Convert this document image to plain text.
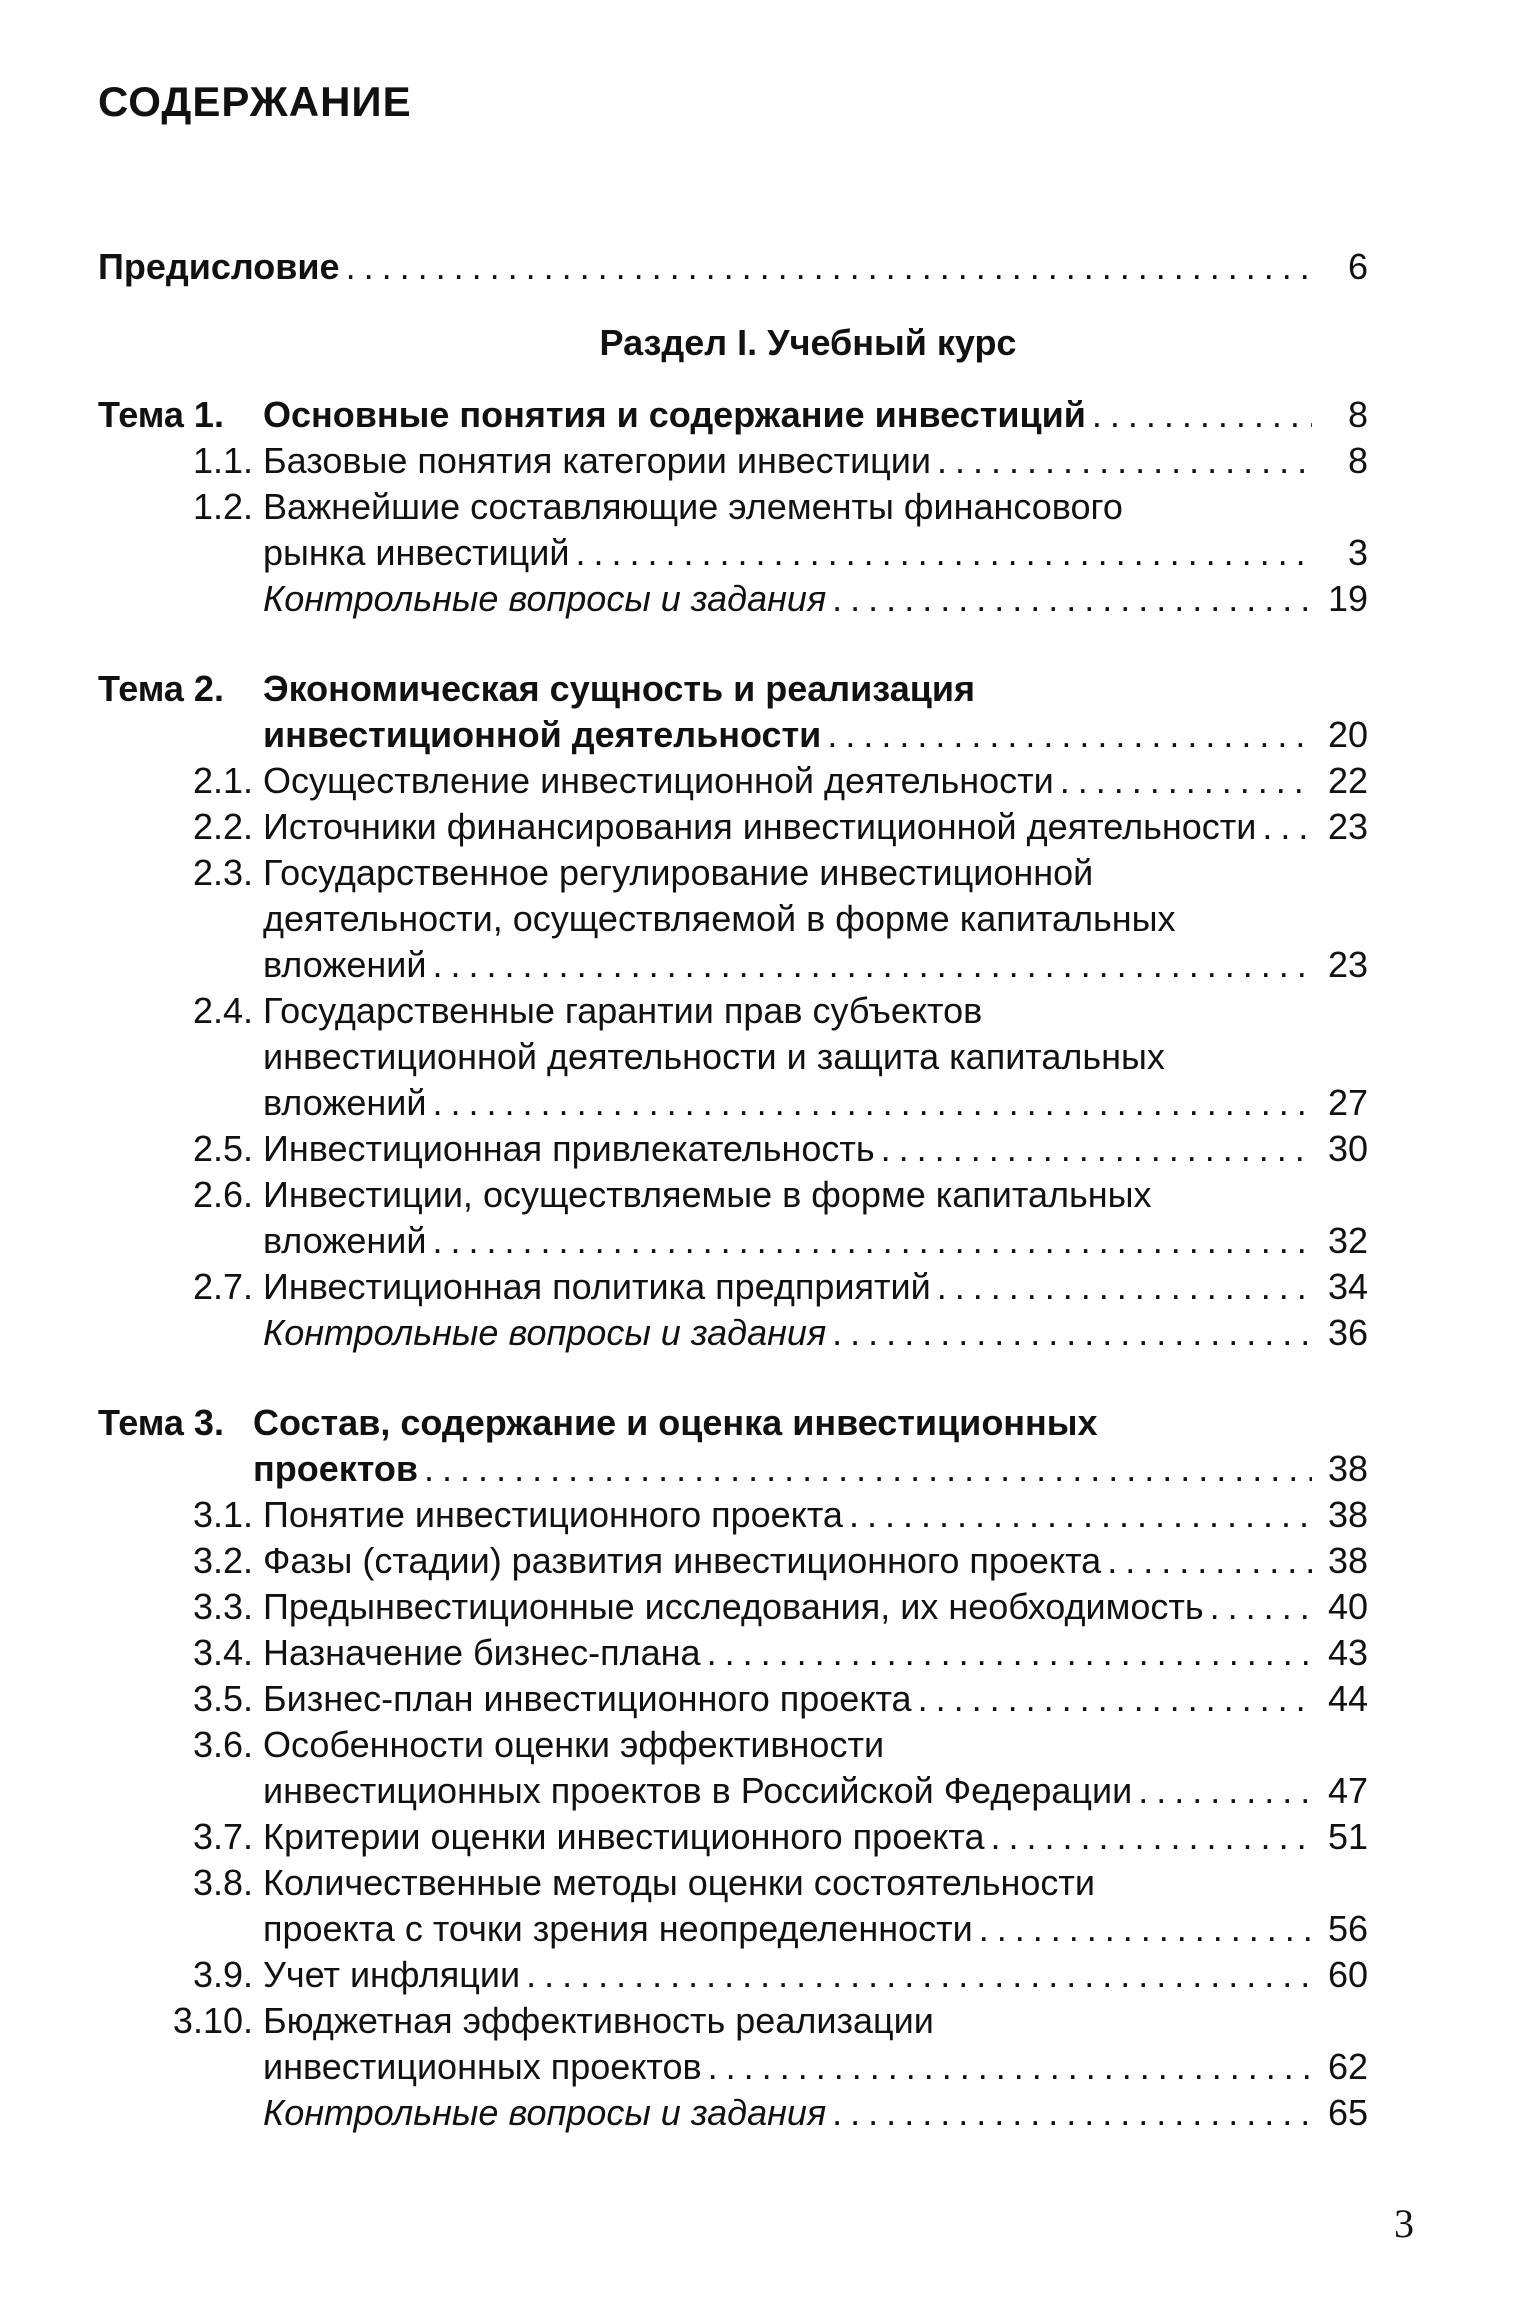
СОДЕРЖАНИЕ
Предисловие . . .	6
Раздел I. Учебный курс
Тема 1.	Основные понятия и содержание инвестиций . . .	8
1.1. Базовые понятия категории инвестиции . . .	8
1.2. Важнейшие составляющие элементы финансового
рынка инвестиций . . .	3
Контрольные вопросы и задания . . .	19
Тема 2.	Экономическая сущность и реализация
инвестиционной деятельности . . .	20
2.1. Осуществление инвестиционной деятельности . . .	22
2.2. Источники финансирования инвестиционной деятельности . . . 23
2.3. Государственное регулирование инвестиционной
деятельности, осуществляемой в форме капитальных
вложений . . .	23
2.4. Государственные гарантии прав субъектов
инвестиционной деятельности и защита капитальных
вложений . . .	27
2.5. Инвестиционная привлекательность . . .	30
2.6. Инвестиции, осуществляемые в форме капитальных
вложений . . .	32
2.7. Инвестиционная политика предприятий . . .	34
Контрольные вопросы и задания . . .	36
Тема 3. Состав, содержание и оценка инвестиционных
проектов . . .	38
3.1. Понятие инвестиционного проекта . . .	38
3.2. Фазы (стадии) развития инвестиционного проекта . . .	38
3.3. Предынвестиционные исследования, их необходимость . . .	40
3.4. Назначение бизнес-плана . . .	43
3.5. Бизнес-план инвестиционного проекта . . .	44
3.6. Особенности оценки эффективности
инвестиционных проектов в Российской Федерации . . .	47
3.7. Критерии оценки инвестиционного проекта . . .	51
3.8. Количественные методы оценки состоятельности
проекта с точки зрения неопределенности . . .	56
3.9. Учет инфляции . . .	60
3.10. Бюджетная эффективность реализации
инвестиционных проектов . . .	62
Контрольные вопросы и задания . . .	65
3
